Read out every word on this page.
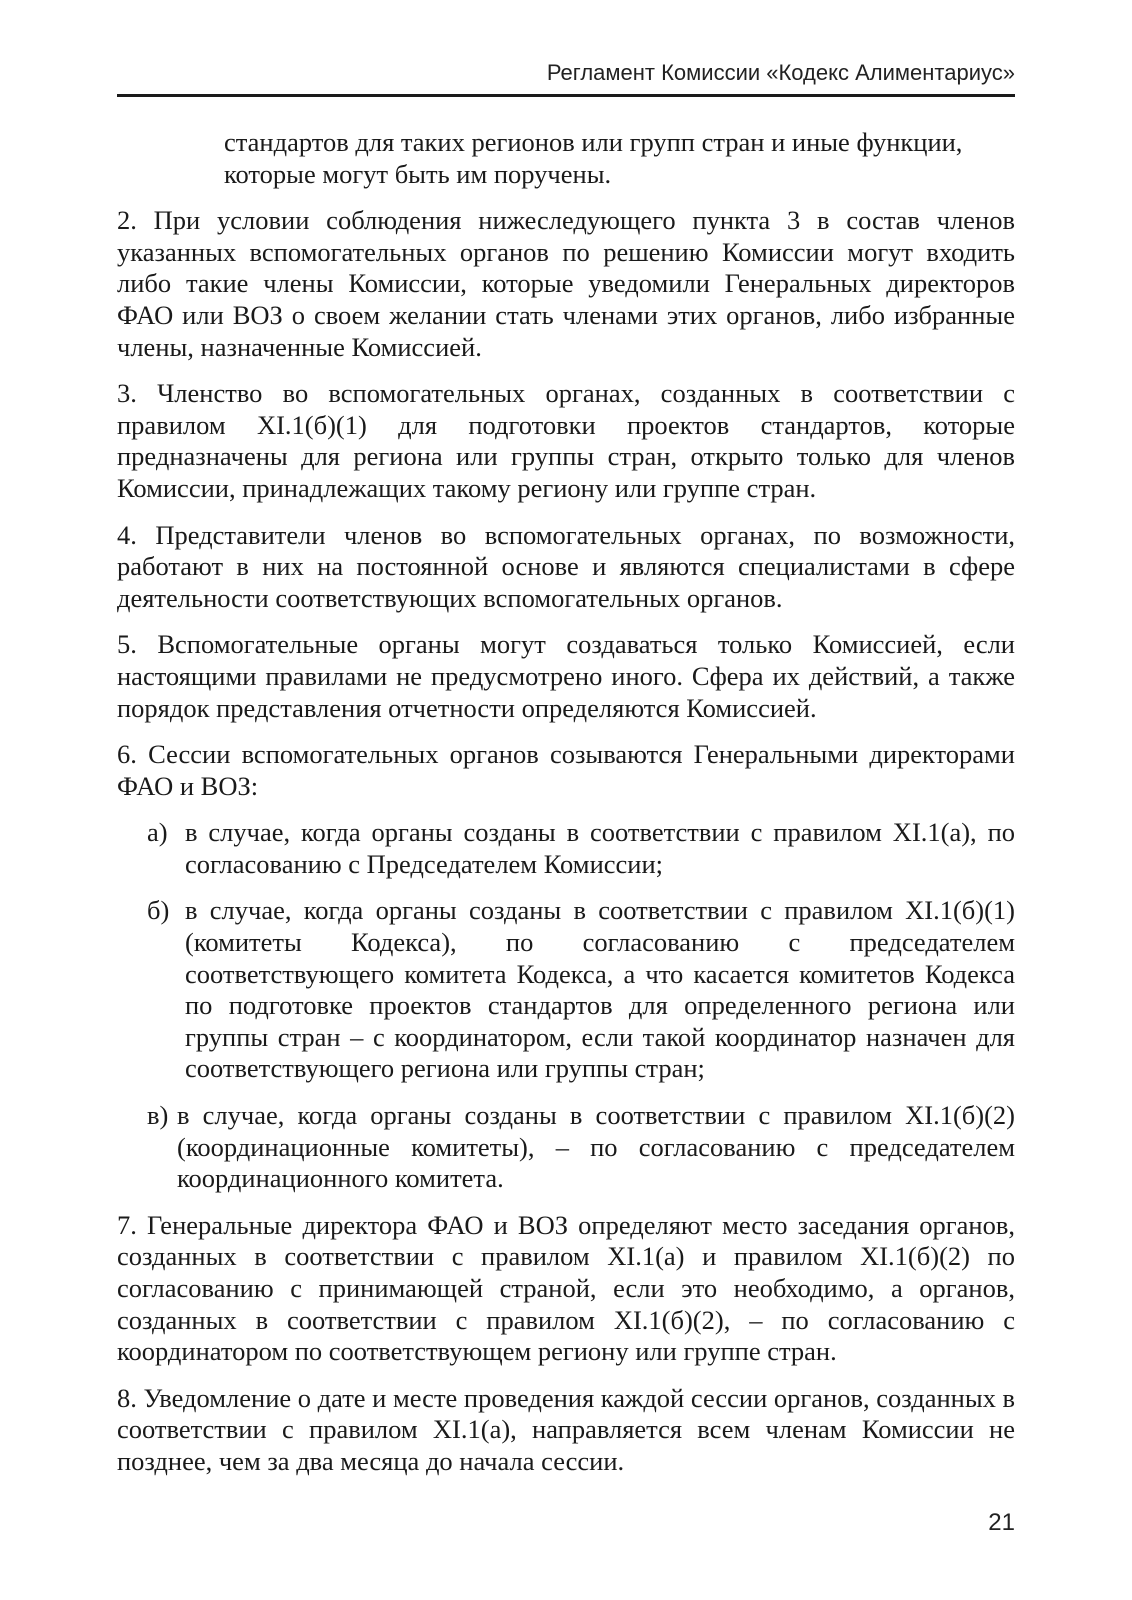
Регламент Комиссии «Кодекс Алиментариус»

стандартов для таких регионов или групп стран и иные функции, которые могут быть им поручены.

2. При условии соблюдения нижеследующего пункта 3 в состав членов указанных вспомогательных органов по решению Комиссии могут входить либо такие члены Комиссии, которые уведомили Генеральных директоров ФАО или ВОЗ о своем желании стать членами этих органов, либо избранные члены, назначенные Комиссией.

3. Членство во вспомогательных органах, созданных в соответствии с правилом XI.1(б)(1) для подготовки проектов стандартов, которые предназначены для региона или группы стран, открыто только для членов Комиссии, принадлежащих такому региону или группе стран.

4. Представители членов во вспомогательных органах, по возможности, работают в них на постоянной основе и являются специалистами в сфере деятельности соответствующих вспомогательных органов.

5. Вспомогательные органы могут создаваться только Комиссией, если настоящими правилами не предусмотрено иного. Сфера их действий, а также порядок представления отчетности определяются Комиссией.

6. Сессии вспомогательных органов созываются Генеральными директорами ФАО и ВОЗ:

а) в случае, когда органы созданы в соответствии с правилом XI.1(а), по согласованию с Председателем Комиссии;
б) в случае, когда органы созданы в соответствии с правилом XI.1(б)(1) (комитеты Кодекса), по согласованию с председателем соответствующего комитета Кодекса, а что касается комитетов Кодекса по подготовке проектов стандартов для определенного региона или группы стран – с координатором, если такой координатор назначен для соответствующего региона или группы стран;
в) в случае, когда органы созданы в соответствии с правилом XI.1(б)(2) (координационные комитеты), – по согласованию с председателем координационного комитета.

7. Генеральные директора ФАО и ВОЗ определяют место заседания органов, созданных в соответствии с правилом XI.1(а) и правилом XI.1(б)(2) по согласованию с принимающей страной, если это необходимо, а органов, созданных в соответствии с правилом XI.1(б)(2), – по согласованию с координатором по соответствующем региону или группе стран.

8. Уведомление о дате и месте проведения каждой сессии органов, созданных в соответствии с правилом XI.1(а), направляется всем членам Комиссии не позднее, чем за два месяца до начала сессии.

21
